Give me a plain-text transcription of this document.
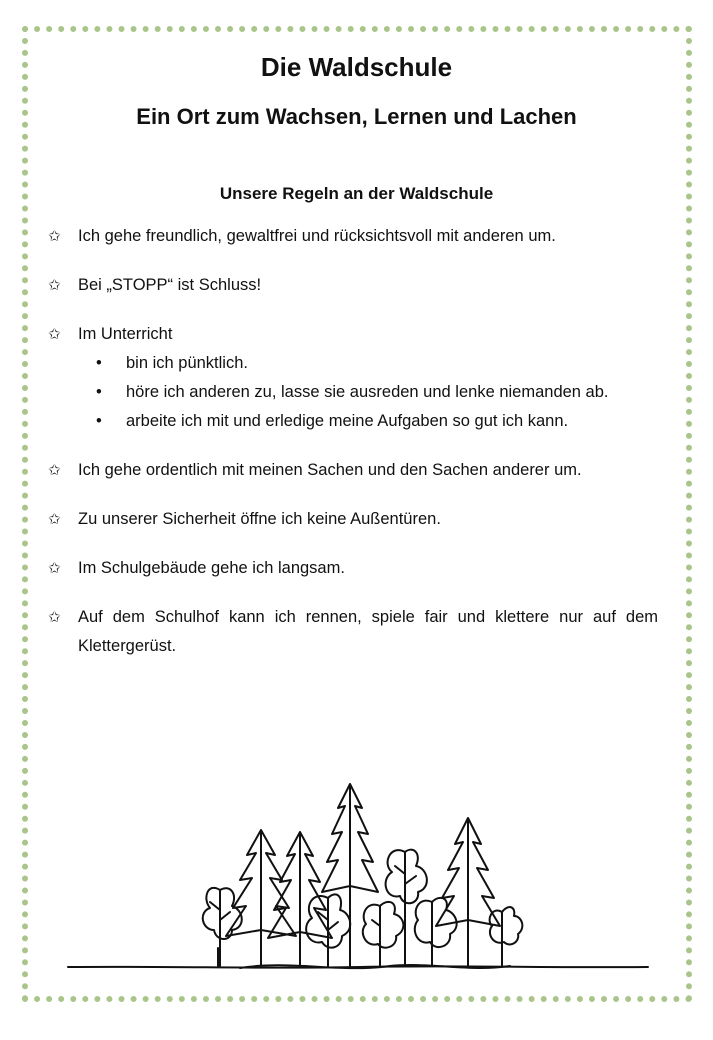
Die Waldschule
Ein Ort zum Wachsen, Lernen und Lachen
Unsere Regeln an der Waldschule
✩ Ich gehe freundlich, gewaltfrei und rücksichtsvoll mit anderen um.
✩ Bei „STOPP“ ist Schluss!
✩ Im Unterricht
• bin ich pünktlich.
• höre ich anderen zu, lasse sie ausreden und lenke niemanden ab.
• arbeite ich mit und erledige meine Aufgaben so gut ich kann.
✩ Ich gehe ordentlich mit meinen Sachen und den Sachen anderer um.
✩ Zu unserer Sicherheit öffne ich keine Außentüren.
✩ Im Schulgebäude gehe ich langsam.
✩ Auf dem Schulhof kann ich rennen, spiele fair und klettere nur auf dem Klettergerüst.
